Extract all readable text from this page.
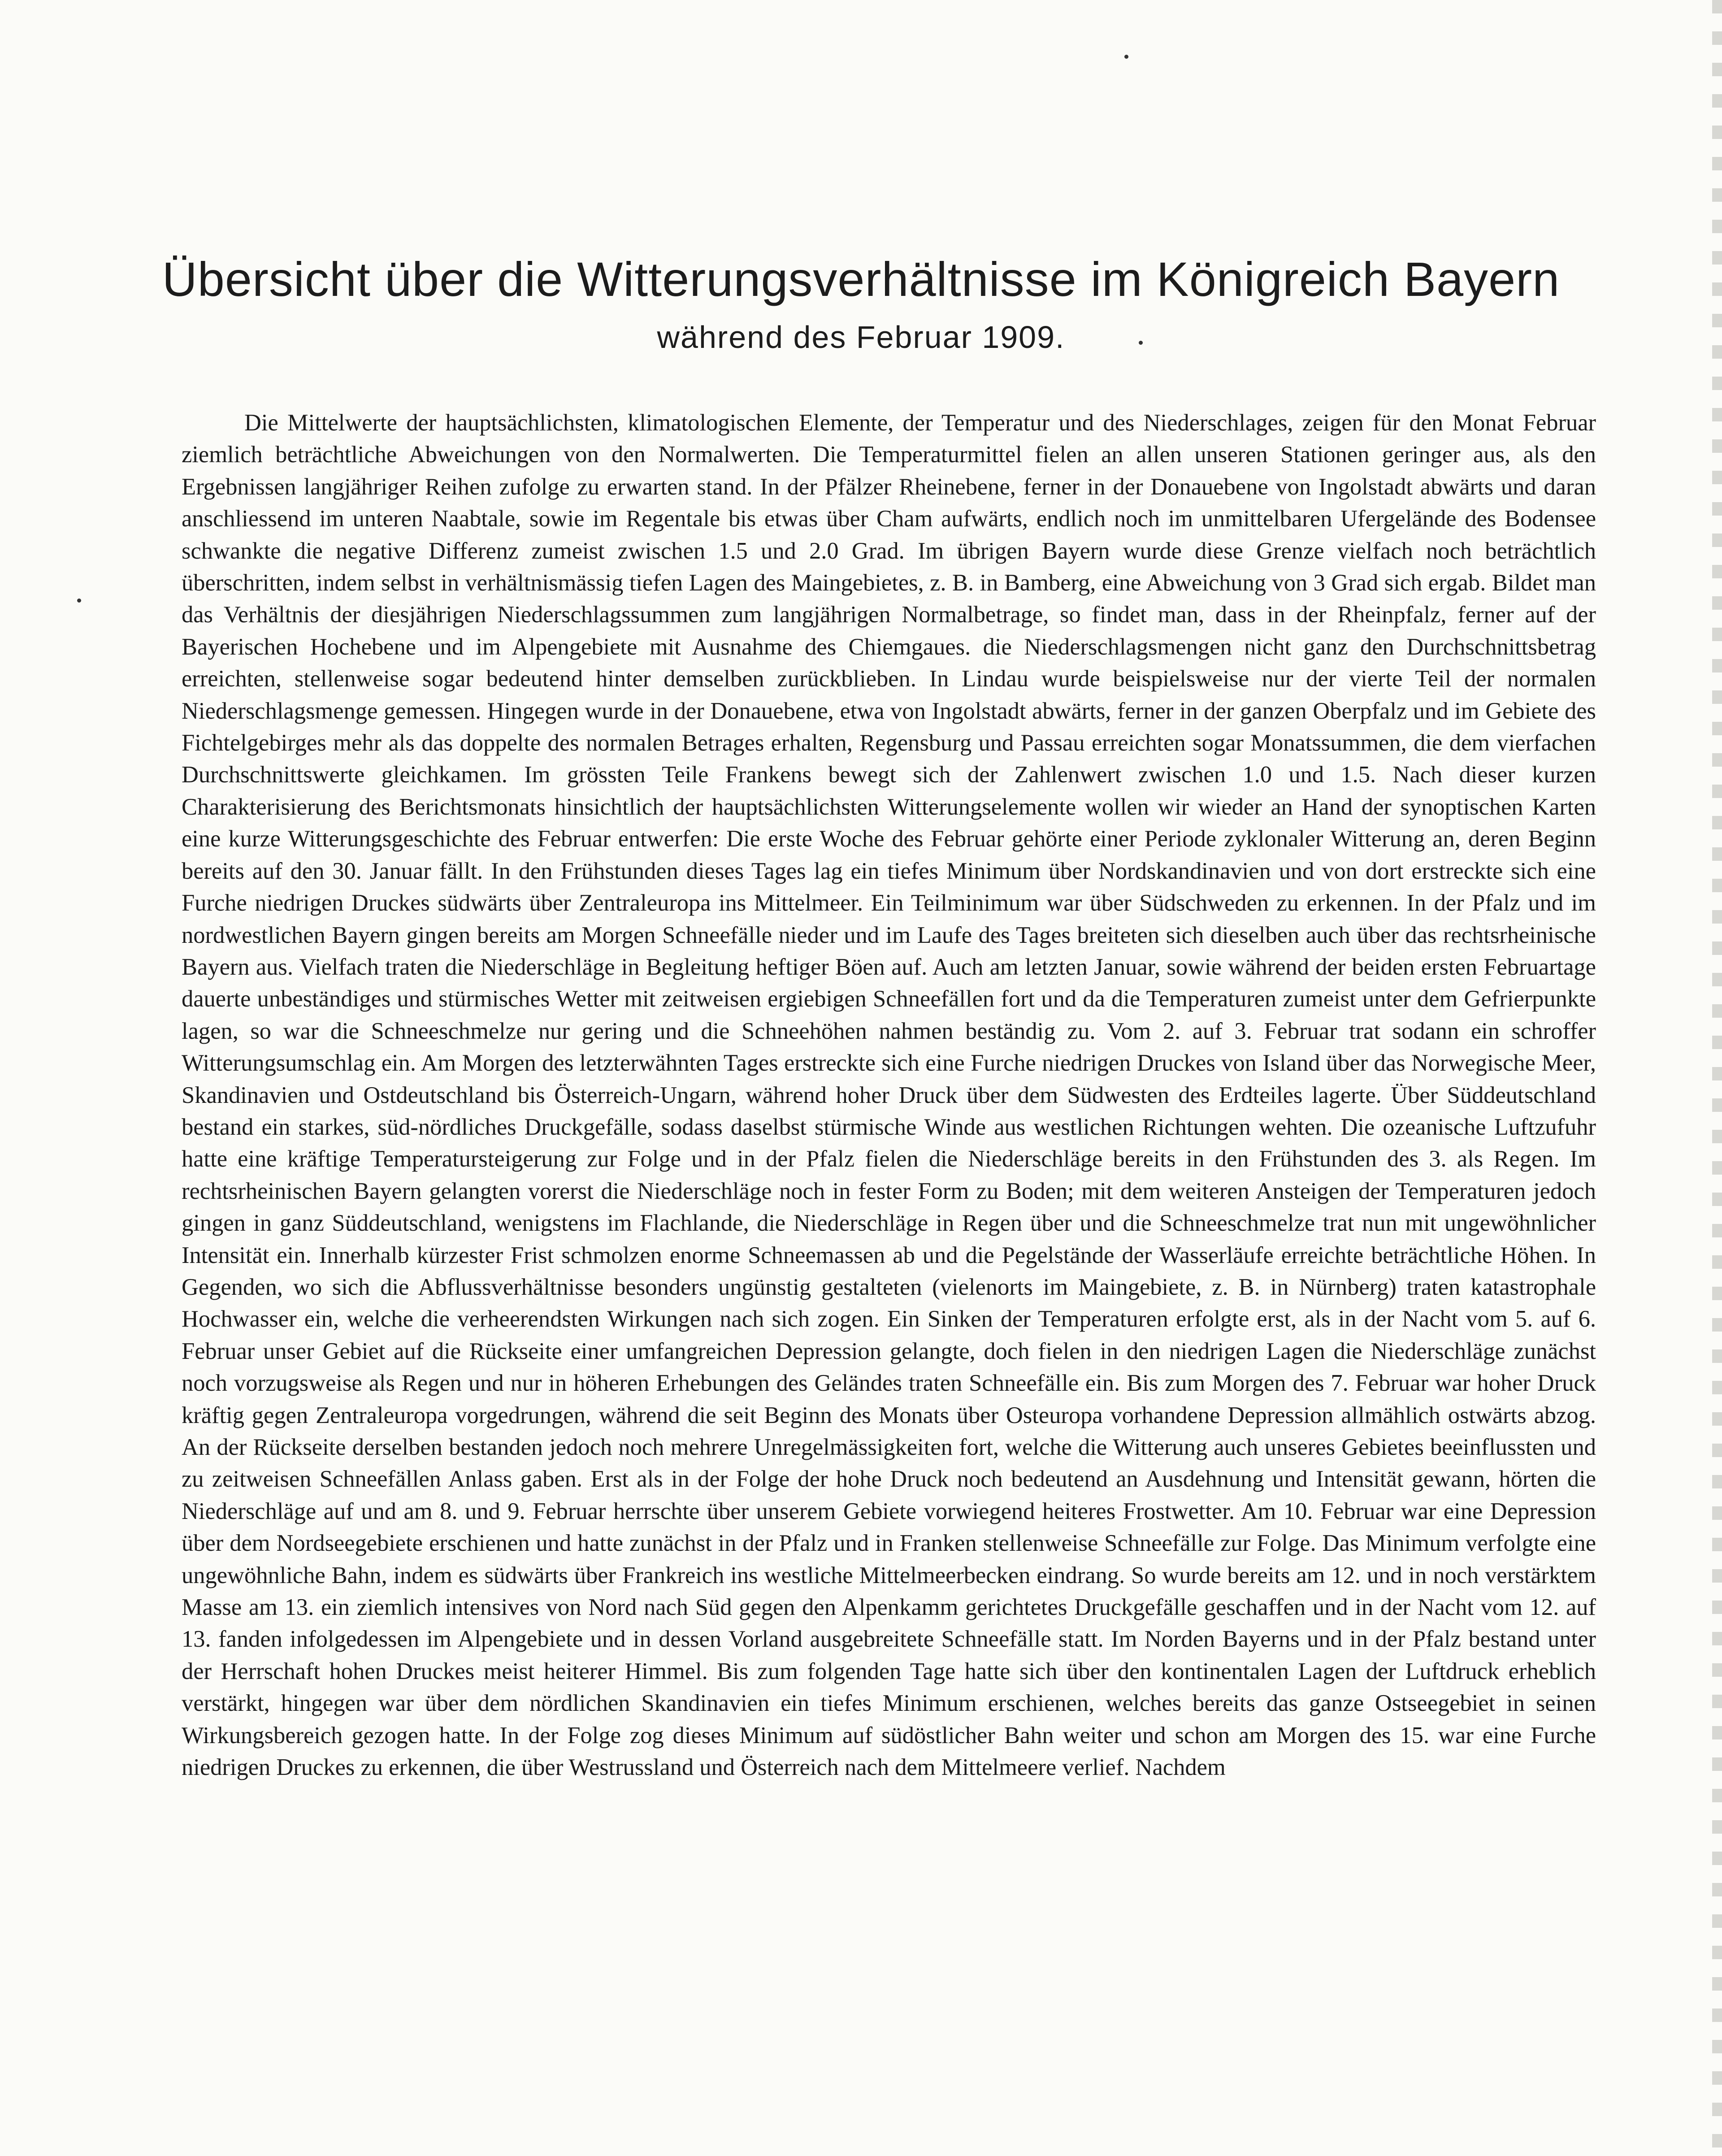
Übersicht über die Witterungsverhältnisse im Königreich Bayern
während des Februar 1909.

Die Mittelwerte der hauptsächlichsten, klimatologischen Elemente, der Temperatur und des Niederschlages, zeigen für den Monat Februar ziemlich beträchtliche Abweichungen von den Normalwerten. Die Temperaturmittel fielen an allen unseren Stationen geringer aus, als den Ergebnissen langjähriger Reihen zufolge zu erwarten stand. In der Pfälzer Rheinebene, ferner in der Donauebene von Ingolstadt abwärts und daran anschliessend im unteren Naabtale, sowie im Regentale bis etwas über Cham aufwärts, endlich noch im unmittelbaren Ufergelände des Bodensee schwankte die negative Differenz zumeist zwischen 1.5 und 2.0 Grad. Im übrigen Bayern wurde diese Grenze vielfach noch beträchtlich überschritten, indem selbst in verhältnismässig tiefen Lagen des Maingebietes, z. B. in Bamberg, eine Abweichung von 3 Grad sich ergab. Bildet man das Verhältnis der diesjährigen Niederschlagssummen zum langjährigen Normalbetrage, so findet man, dass in der Rheinpfalz, ferner auf der Bayerischen Hochebene und im Alpengebiete mit Ausnahme des Chiemgaues. die Niederschlagsmengen nicht ganz den Durchschnittsbetrag erreichten, stellenweise sogar bedeutend hinter demselben zurückblieben. In Lindau wurde beispielsweise nur der vierte Teil der normalen Niederschlagsmenge gemessen. Hingegen wurde in der Donauebene, etwa von Ingolstadt abwärts, ferner in der ganzen Oberpfalz und im Gebiete des Fichtelgebirges mehr als das doppelte des normalen Betrages erhalten, Regensburg und Passau erreichten sogar Monatssummen, die dem vierfachen Durchschnittswerte gleichkamen. Im grössten Teile Frankens bewegt sich der Zahlenwert zwischen 1.0 und 1.5. Nach dieser kurzen Charakterisierung des Berichtsmonats hinsichtlich der hauptsächlichsten Witterungselemente wollen wir wieder an Hand der synoptischen Karten eine kurze Witterungsgeschichte des Februar entwerfen: Die erste Woche des Februar gehörte einer Periode zyklonaler Witterung an, deren Beginn bereits auf den 30. Januar fällt. In den Frühstunden dieses Tages lag ein tiefes Minimum über Nordskandinavien und von dort erstreckte sich eine Furche niedrigen Druckes südwärts über Zentraleuropa ins Mittelmeer. Ein Teilminimum war über Südschweden zu erkennen. In der Pfalz und im nordwestlichen Bayern gingen bereits am Morgen Schneefälle nieder und im Laufe des Tages breiteten sich dieselben auch über das rechtsrheinische Bayern aus. Vielfach traten die Niederschläge in Begleitung heftiger Böen auf. Auch am letzten Januar, sowie während der beiden ersten Februartage dauerte unbeständiges und stürmisches Wetter mit zeitweisen ergiebigen Schneefällen fort und da die Temperaturen zumeist unter dem Gefrierpunkte lagen, so war die Schneeschmelze nur gering und die Schneehöhen nahmen beständig zu. Vom 2. auf 3. Februar trat sodann ein schroffer Witterungsumschlag ein. Am Morgen des letzterwähnten Tages erstreckte sich eine Furche niedrigen Druckes von Island über das Norwegische Meer, Skandinavien und Ostdeutschland bis Österreich-Ungarn, während hoher Druck über dem Südwesten des Erdteiles lagerte. Über Süddeutschland bestand ein starkes, süd-nördliches Druckgefälle, sodass daselbst stürmische Winde aus westlichen Richtungen wehten. Die ozeanische Luftzufuhr hatte eine kräftige Temperatursteigerung zur Folge und in der Pfalz fielen die Niederschläge bereits in den Frühstunden des 3. als Regen. Im rechtsrheinischen Bayern gelangten vorerst die Niederschläge noch in fester Form zu Boden; mit dem weiteren Ansteigen der Temperaturen jedoch gingen in ganz Süddeutschland, wenigstens im Flachlande, die Niederschläge in Regen über und die Schneeschmelze trat nun mit ungewöhnlicher Intensität ein. Innerhalb kürzester Frist schmolzen enorme Schneemassen ab und die Pegelstände der Wasserläufe erreichte beträchtliche Höhen. In Gegenden, wo sich die Abflussverhältnisse besonders ungünstig gestalteten (vielenorts im Maingebiete, z. B. in Nürnberg) traten katastrophale Hochwasser ein, welche die verheerendsten Wirkungen nach sich zogen. Ein Sinken der Temperaturen erfolgte erst, als in der Nacht vom 5. auf 6. Februar unser Gebiet auf die Rückseite einer umfangreichen Depression gelangte, doch fielen in den niedrigen Lagen die Niederschläge zunächst noch vorzugsweise als Regen und nur in höheren Erhebungen des Geländes traten Schneefälle ein. Bis zum Morgen des 7. Februar war hoher Druck kräftig gegen Zentraleuropa vorgedrungen, während die seit Beginn des Monats über Osteuropa vorhandene Depression allmählich ostwärts abzog. An der Rückseite derselben bestanden jedoch noch mehrere Unregelmässigkeiten fort, welche die Witterung auch unseres Gebietes beeinflussten und zu zeitweisen Schneefällen Anlass gaben. Erst als in der Folge der hohe Druck noch bedeutend an Ausdehnung und Intensität gewann, hörten die Niederschläge auf und am 8. und 9. Februar herrschte über unserem Gebiete vorwiegend heiteres Frostwetter. Am 10. Februar war eine Depression über dem Nordseegebiete erschienen und hatte zunächst in der Pfalz und in Franken stellenweise Schneefälle zur Folge. Das Minimum verfolgte eine ungewöhnliche Bahn, indem es südwärts über Frankreich ins westliche Mittelmeerbecken eindrang. So wurde bereits am 12. und in noch verstärktem Masse am 13. ein ziemlich intensives von Nord nach Süd gegen den Alpenkamm gerichtetes Druckgefälle geschaffen und in der Nacht vom 12. auf 13. fanden infolgedessen im Alpengebiete und in dessen Vorland ausgebreitete Schneefälle statt. Im Norden Bayerns und in der Pfalz bestand unter der Herrschaft hohen Druckes meist heiterer Himmel. Bis zum folgenden Tage hatte sich über den kontinentalen Lagen der Luftdruck erheblich verstärkt, hingegen war über dem nördlichen Skandinavien ein tiefes Minimum erschienen, welches bereits das ganze Ostseegebiet in seinen Wirkungsbereich gezogen hatte. In der Folge zog dieses Minimum auf südöstlicher Bahn weiter und schon am Morgen des 15. war eine Furche niedrigen Druckes zu erkennen, die über Westrussland und Österreich nach dem Mittelmeere verlief. Nachdem
